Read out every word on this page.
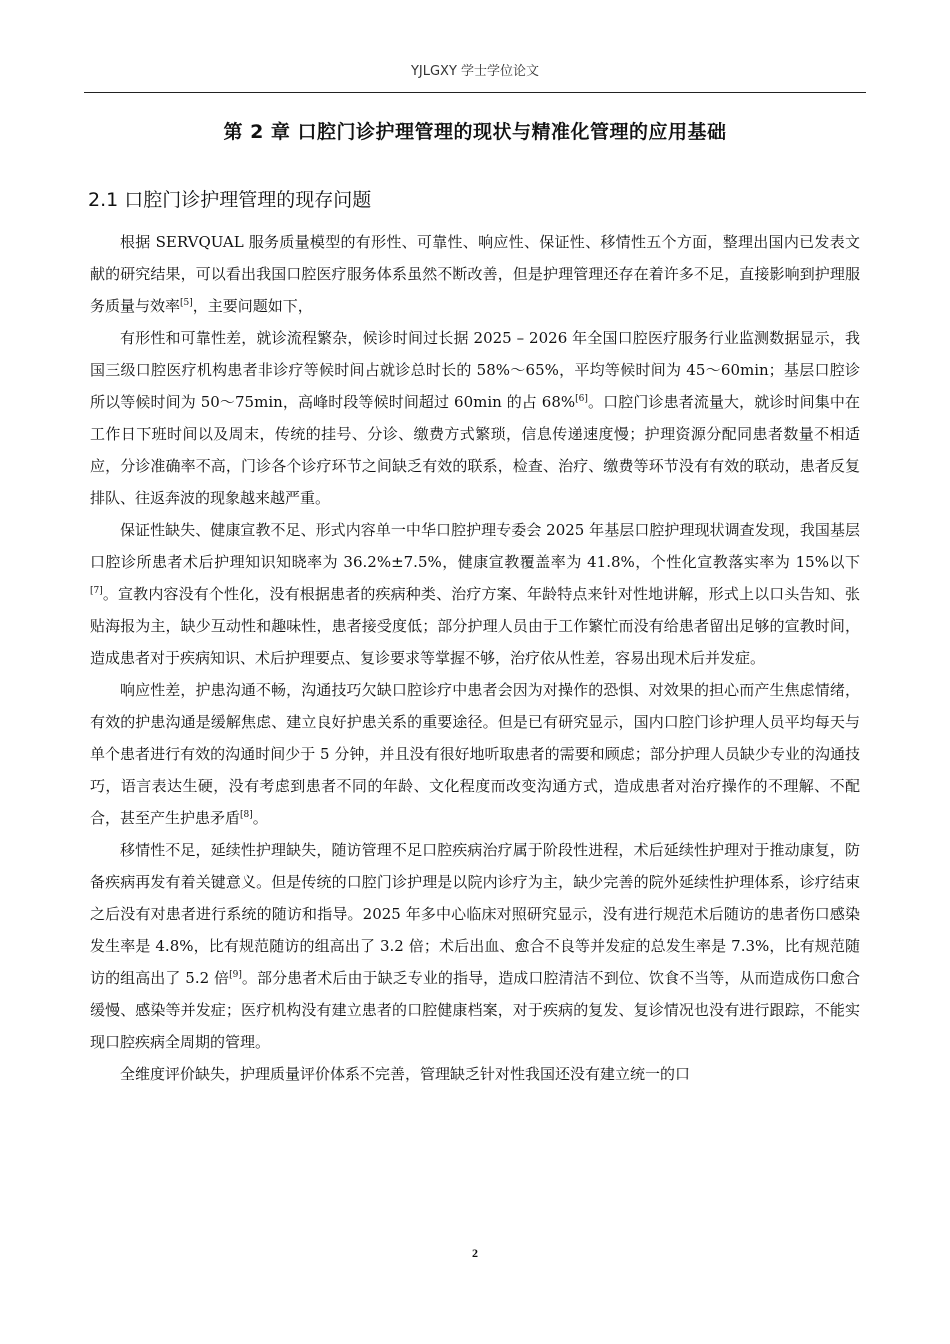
YJLGXY 学士学位论文
第 2 章 口腔门诊护理管理的现状与精准化管理的应用基础
2.1 口腔门诊护理管理的现存问题

根据 SERVQUAL 服务质量模型的有形性、可靠性、响应性、保证性、移情性五个方面，整理出国内已发表文献的研究结果，可以看出我国口腔医疗服务体系虽然不断改善，但是护理管理还存在着许多不足，直接影响到护理服务质量与效率[5]，主要问题如下，

有形性和可靠性差，就诊流程繁杂，候诊时间过长据 2025 – 2026 年全国口腔医疗服务行业监测数据显示，我国三级口腔医疗机构患者非诊疗等候时间占就诊总时长的 58%～65%，平均等候时间为 45～60min；基层口腔诊所以等候时间为 50～75min，高峰时段等候时间超过 60min 的占 68%[6]。口腔门诊患者流量大，就诊时间集中在工作日下班时间以及周末，传统的挂号、分诊、缴费方式繁琐，信息传递速度慢；护理资源分配同患者数量不相适应，分诊准确率不高，门诊各个诊疗环节之间缺乏有效的联系，检查、治疗、缴费等环节没有有效的联动，患者反复排队、往返奔波的现象越来越严重。

保证性缺失、健康宣教不足、形式内容单一中华口腔护理专委会 2025 年基层口腔护理现状调查发现，我国基层口腔诊所患者术后护理知识知晓率为 36.2%±7.5%，健康宣教覆盖率为 41.8%，个性化宣教落实率为 15%以下[7]。宣教内容没有个性化，没有根据患者的疾病种类、治疗方案、年龄特点来针对性地讲解，形式上以口头告知、张贴海报为主，缺少互动性和趣味性，患者接受度低；部分护理人员由于工作繁忙而没有给患者留出足够的宣教时间，造成患者对于疾病知识、术后护理要点、复诊要求等掌握不够，治疗依从性差，容易出现术后并发症。

响应性差，护患沟通不畅，沟通技巧欠缺口腔诊疗中患者会因为对操作的恐惧、对效果的担心而产生焦虑情绪，有效的护患沟通是缓解焦虑、建立良好护患关系的重要途径。但是已有研究显示，国内口腔门诊护理人员平均每天与单个患者进行有效的沟通时间少于 5 分钟，并且没有很好地听取患者的需要和顾虑；部分护理人员缺少专业的沟通技巧，语言表达生硬，没有考虑到患者不同的年龄、文化程度而改变沟通方式，造成患者对治疗操作的不理解、不配合，甚至产生护患矛盾[8]。

移情性不足，延续性护理缺失，随访管理不足口腔疾病治疗属于阶段性进程，术后延续性护理对于推动康复，防备疾病再发有着关键意义。但是传统的口腔门诊护理是以院内诊疗为主，缺少完善的院外延续性护理体系，诊疗结束之后没有对患者进行系统的随访和指导。2025 年多中心临床对照研究显示，没有进行规范术后随访的患者伤口感染发生率是 4.8%，比有规范随访的组高出了 3.2 倍；术后出血、愈合不良等并发症的总发生率是 7.3%，比有规范随访的组高出了 5.2 倍[9]。部分患者术后由于缺乏专业的指导，造成口腔清洁不到位、饮食不当等，从而造成伤口愈合缓慢、感染等并发症；医疗机构没有建立患者的口腔健康档案，对于疾病的复发、复诊情况也没有进行跟踪，不能实现口腔疾病全周期的管理。

全维度评价缺失，护理质量评价体系不完善，管理缺乏针对性我国还没有建立统一的口

2
